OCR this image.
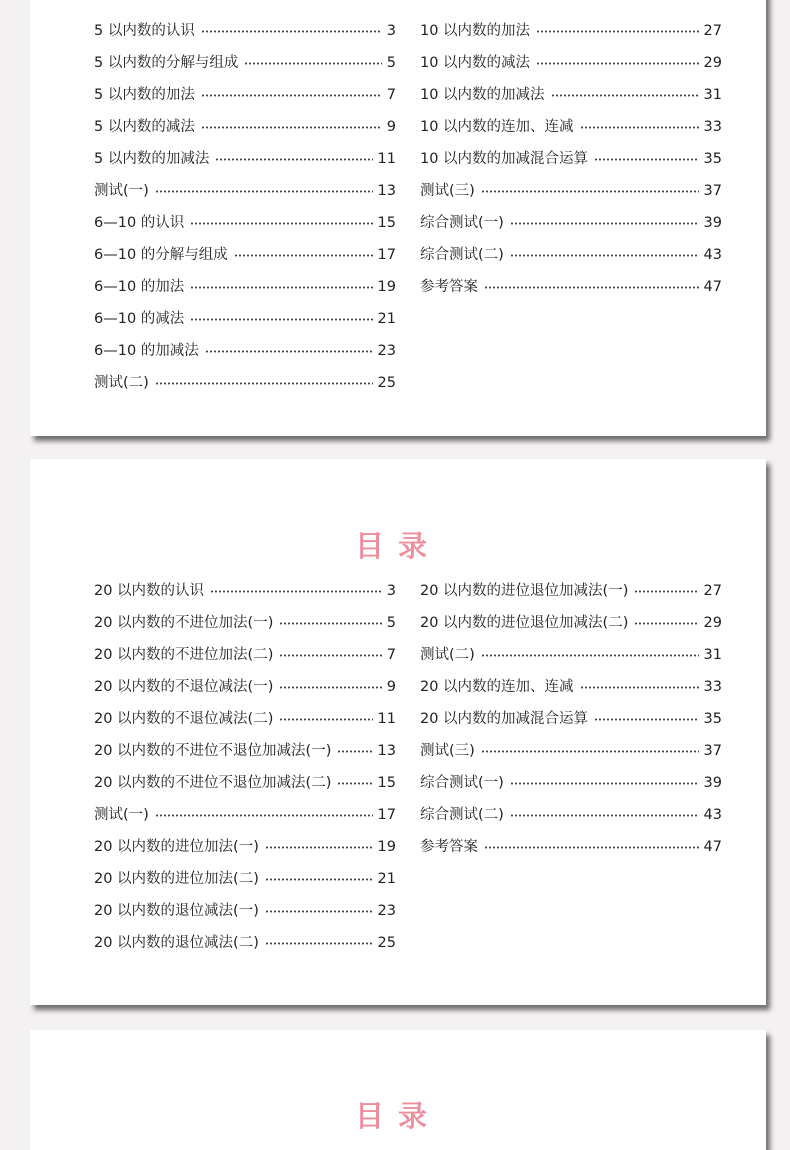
5 以内数的认识	3
5 以内数的分解与组成	5
5 以内数的加法	7
5 以内数的减法	9
5 以内数的加减法	11
测试(一)	13
6—10 的认识	15
6—10 的分解与组成	17
6—10 的加法	19
6—10 的减法	21
6—10 的加减法	23
测试(二)	25
10 以内数的加法	27
10 以内数的减法	29
10 以内数的加减法	31
10 以内数的连加、连减	33
10 以内数的加减混合运算	35
测试(三)	37
综合测试(一)	39
综合测试(二)	43
参考答案	47
目录
20 以内数的认识	3
20 以内数的不进位加法(一)	5
20 以内数的不进位加法(二)	7
20 以内数的不退位减法(一)	9
20 以内数的不退位减法(二)	11
20 以内数的不进位不退位加减法(一)	13
20 以内数的不进位不退位加减法(二)	15
测试(一)	17
20 以内数的进位加法(一)	19
20 以内数的进位加法(二)	21
20 以内数的退位减法(一)	23
20 以内数的退位减法(二)	25
20 以内数的进位退位加减法(一)	27
20 以内数的进位退位加减法(二)	29
测试(二)	31
20 以内数的连加、连减	33
20 以内数的加减混合运算	35
测试(三)	37
综合测试(一)	39
综合测试(二)	43
参考答案	47
目录
